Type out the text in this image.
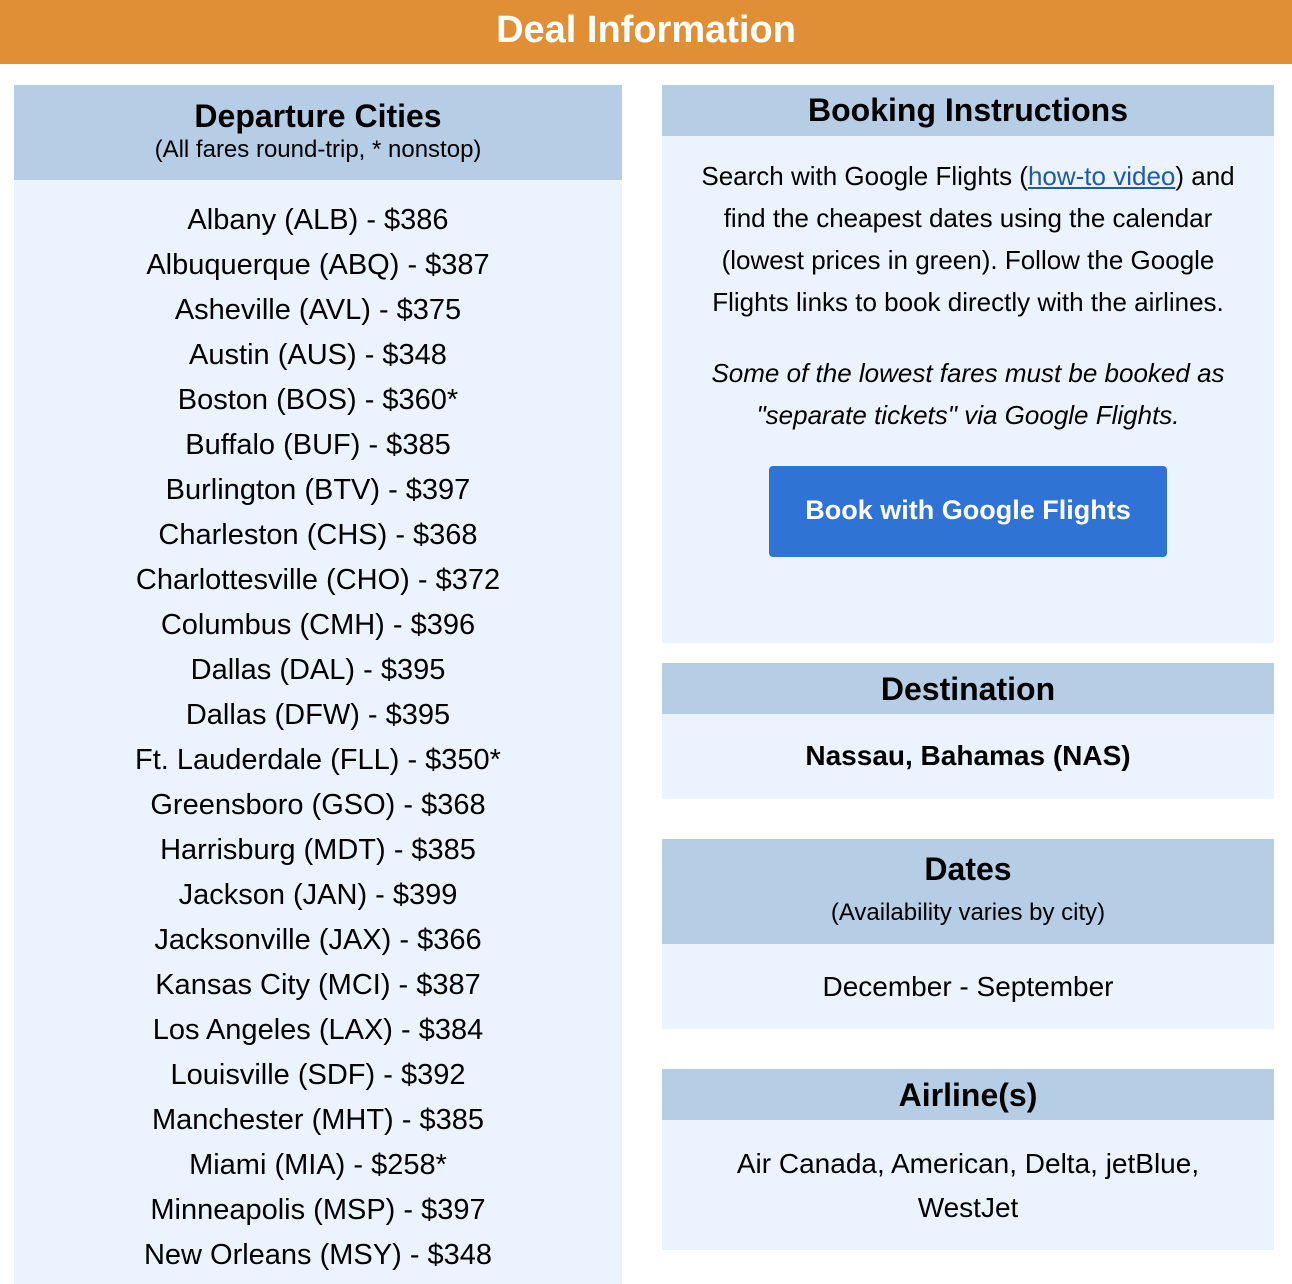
Deal Information
Departure Cities
(All fares round-trip, * nonstop)
Albany (ALB) - $386
Albuquerque (ABQ) - $387
Asheville (AVL) - $375
Austin (AUS) - $348
Boston (BOS) - $360*
Buffalo (BUF) - $385
Burlington (BTV) - $397
Charleston (CHS) - $368
Charlottesville (CHO) - $372
Columbus (CMH) - $396
Dallas (DAL) - $395
Dallas (DFW) - $395
Ft. Lauderdale (FLL) - $350*
Greensboro (GSO) - $368
Harrisburg (MDT) - $385
Jackson (JAN) - $399
Jacksonville (JAX) - $366
Kansas City (MCI) - $387
Los Angeles (LAX) - $384
Louisville (SDF) - $392
Manchester (MHT) - $385
Miami (MIA) - $258*
Minneapolis (MSP) - $397
New Orleans (MSY) - $348
Booking Instructions
Search with Google Flights (how-to video) and find the cheapest dates using the calendar (lowest prices in green). Follow the Google Flights links to book directly with the airlines.
Some of the lowest fares must be booked as "separate tickets" via Google Flights.
Book with Google Flights
Destination
Nassau, Bahamas (NAS)
Dates
(Availability varies by city)
December - September
Airline(s)
Air Canada, American, Delta, jetBlue, WestJet
